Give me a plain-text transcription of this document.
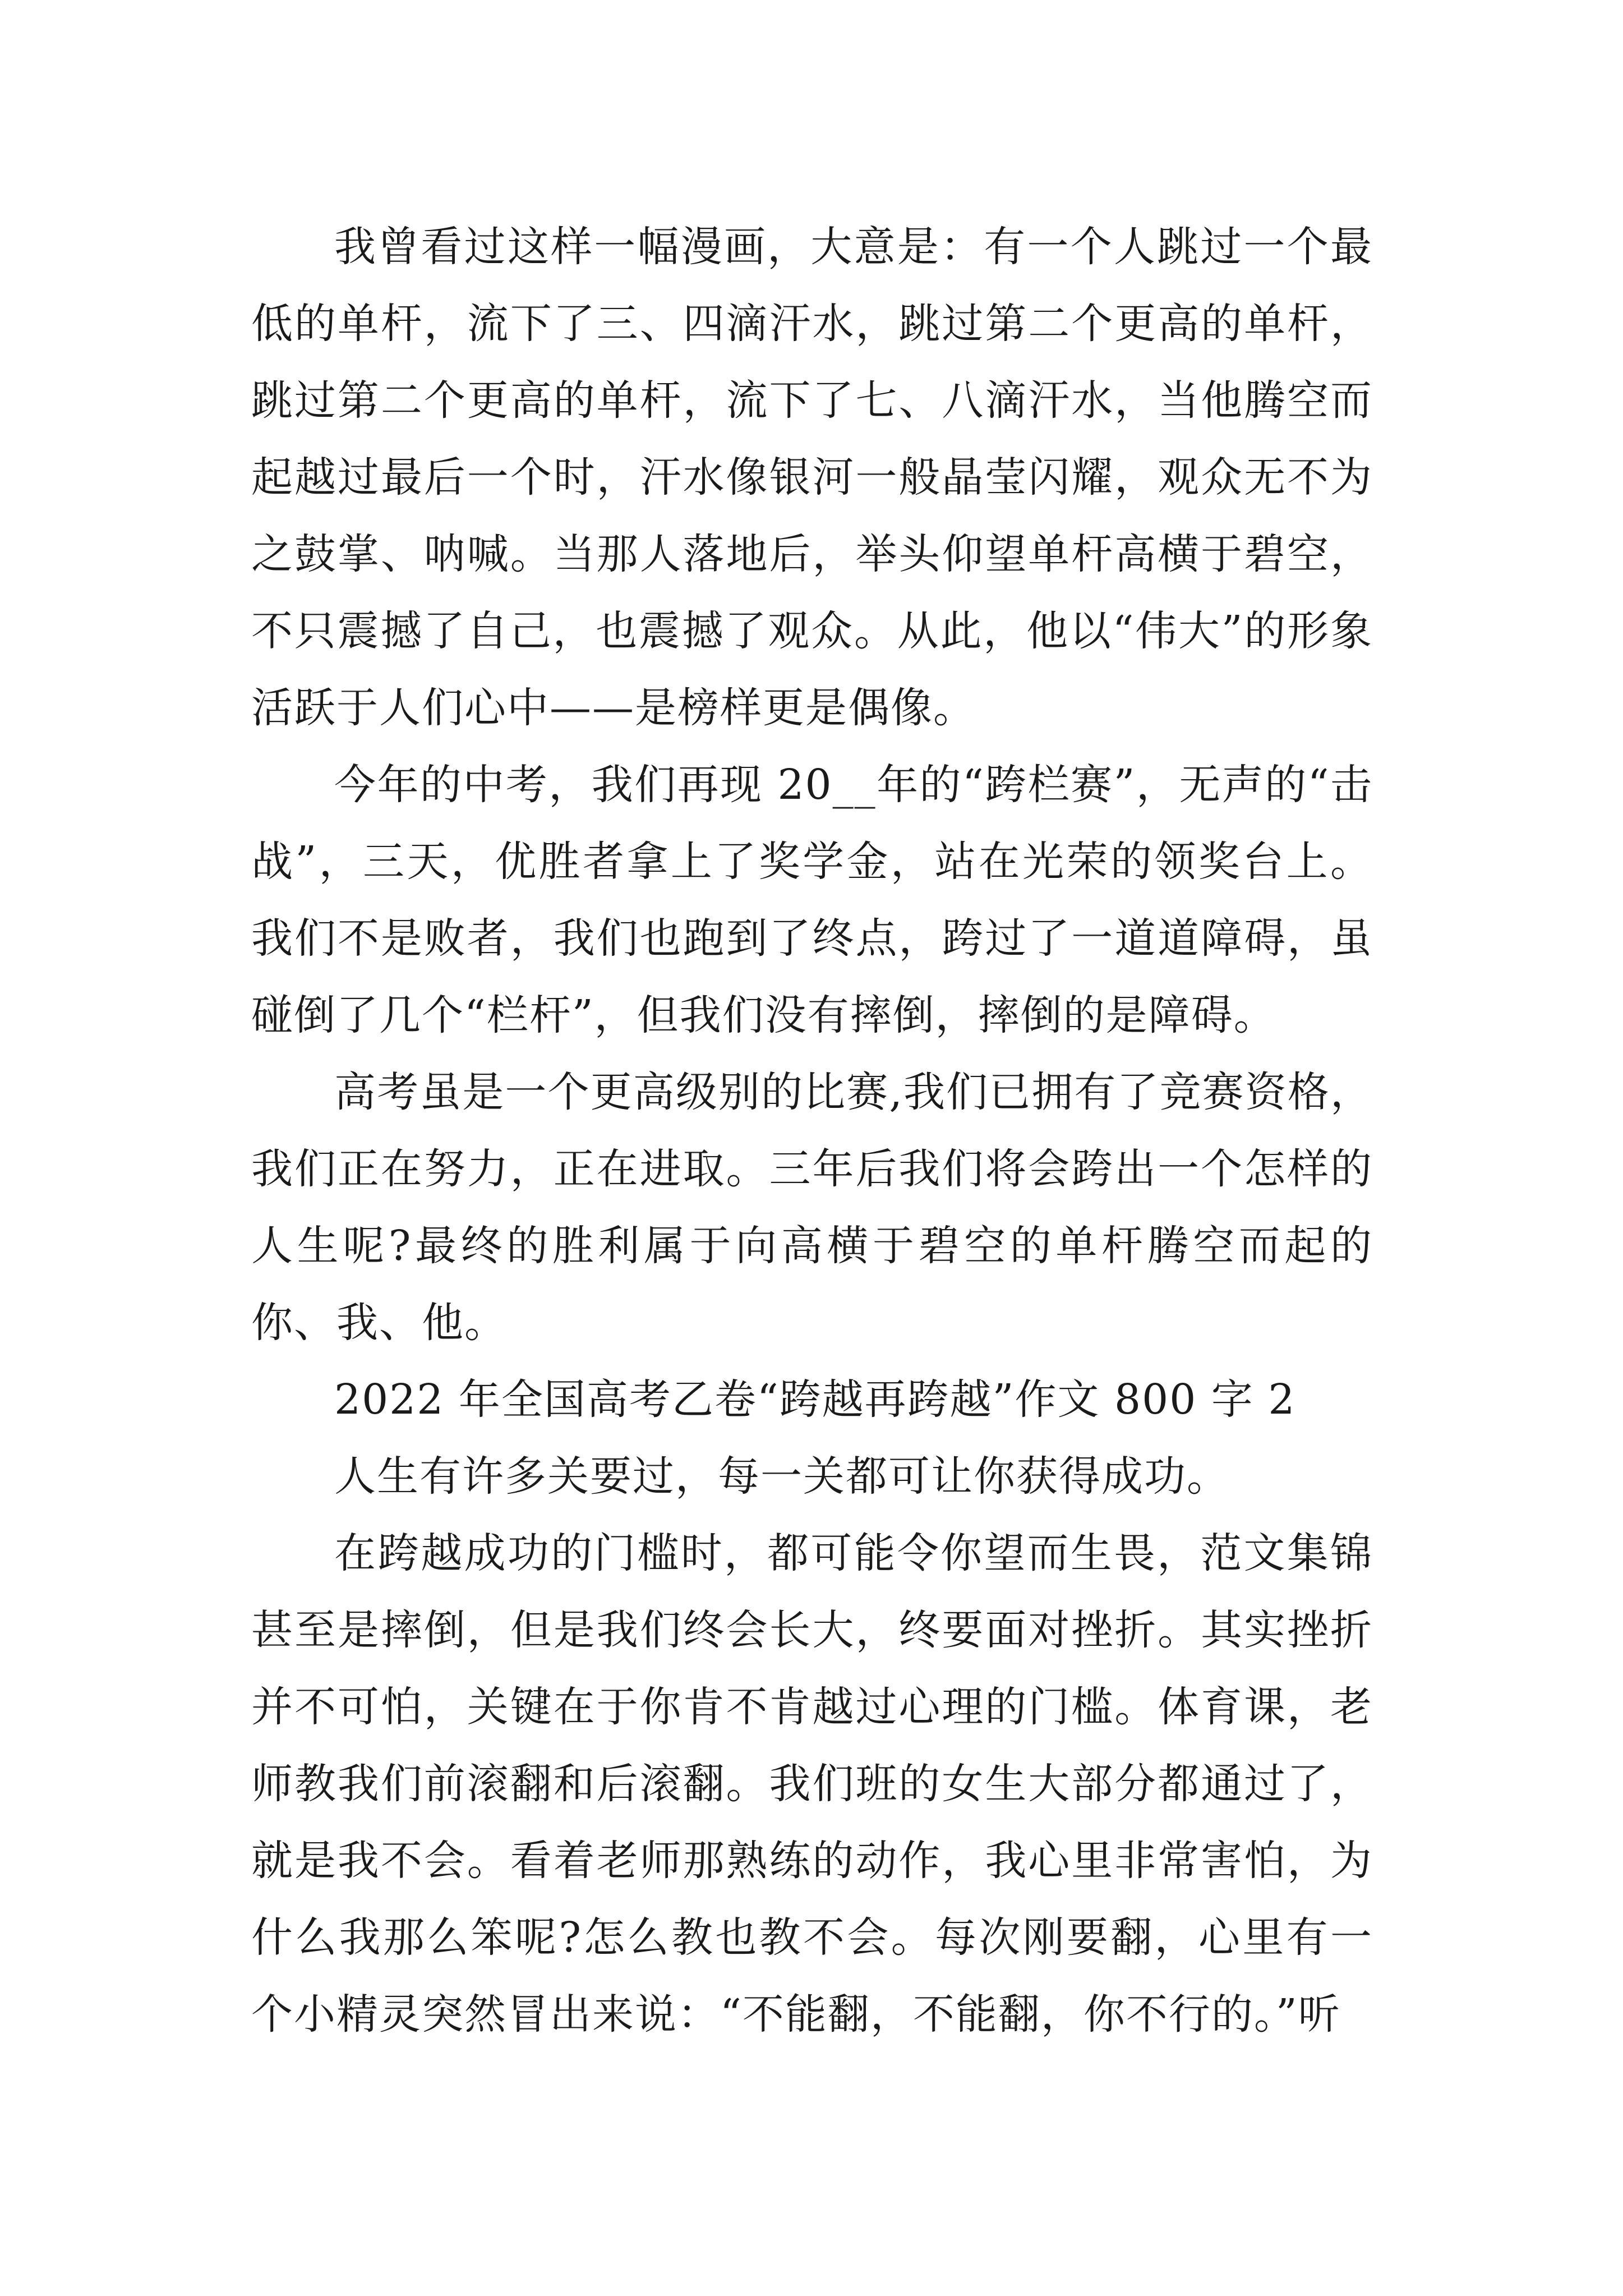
我曾看过这样一幅漫画，大意是：有一个人跳过一个最低的单杆，流下了三、四滴汗水，跳过第二个更高的单杆，跳过第二个更高的单杆，流下了七、八滴汗水，当他腾空而起越过最后一个时，汗水像银河一般晶莹闪耀，观众无不为之鼓掌、呐喊。当那人落地后，举头仰望单杆高横于碧空，不只震撼了自己，也震撼了观众。从此，他以“伟大”的形象活跃于人们心中——是榜样更是偶像。

今年的中考，我们再现 20__年的“跨栏赛”，无声的“击战”，三天，优胜者拿上了奖学金，站在光荣的领奖台上。我们不是败者，我们也跑到了终点，跨过了一道道障碍，虽碰倒了几个“栏杆”，但我们没有摔倒，摔倒的是障碍。

高考虽是一个更高级别的比赛,我们已拥有了竞赛资格，我们正在努力，正在进取。三年后我们将会跨出一个怎样的人生呢?最终的胜利属于向高横于碧空的单杆腾空而起的你、我、他。

2022 年全国高考乙卷“跨越再跨越”作文 800 字 2

人生有许多关要过，每一关都可让你获得成功。

在跨越成功的门槛时，都可能令你望而生畏，范文集锦甚至是摔倒，但是我们终会长大，终要面对挫折。其实挫折并不可怕，关键在于你肯不肯越过心理的门槛。体育课，老师教我们前滚翻和后滚翻。我们班的女生大部分都通过了，就是我不会。看着老师那熟练的动作，我心里非常害怕，为什么我那么笨呢?怎么教也教不会。每次刚要翻，心里有一个小精灵突然冒出来说：“不能翻，不能翻，你不行的。”听
